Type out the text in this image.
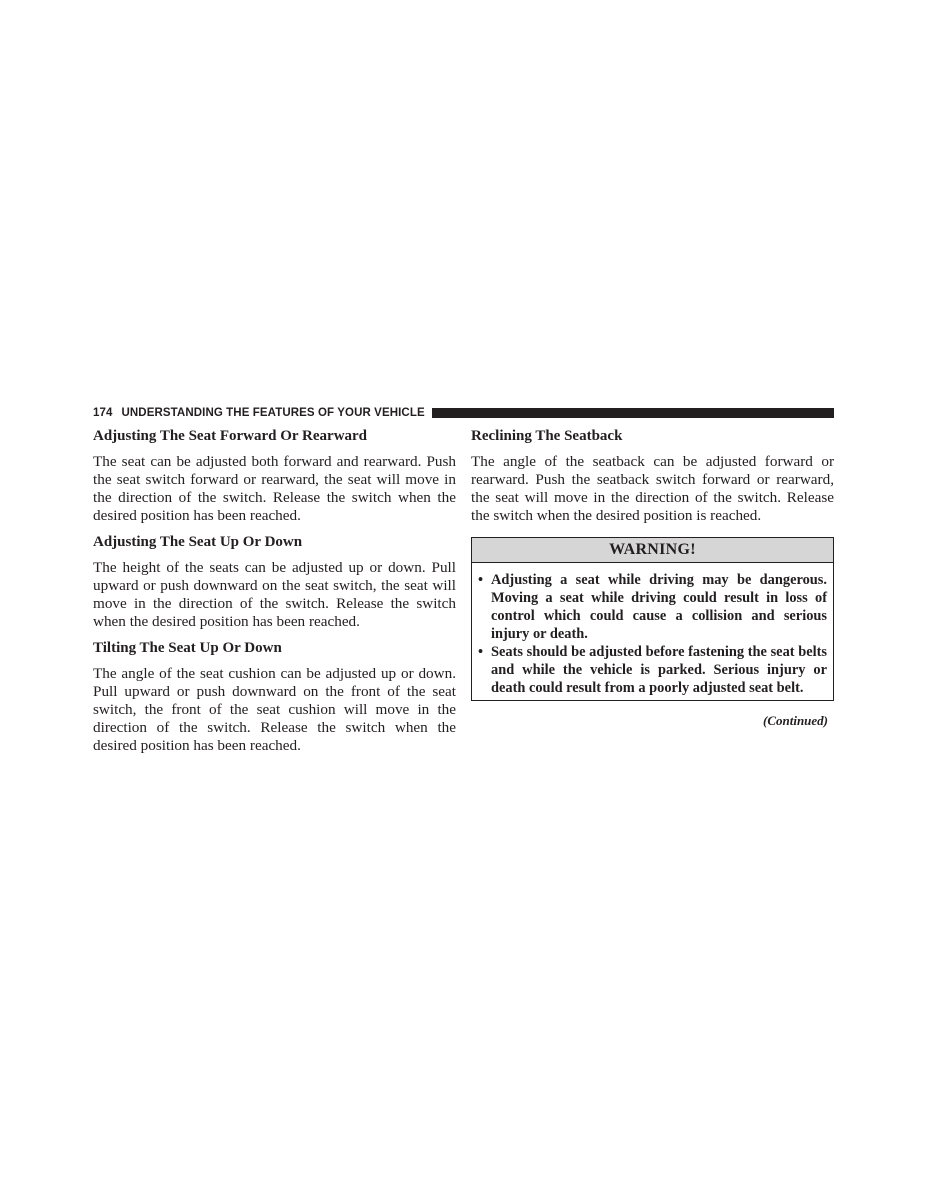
174 UNDERSTANDING THE FEATURES OF YOUR VEHICLE

Adjusting The Seat Forward Or Rearward

The seat can be adjusted both forward and rearward. Push the seat switch forward or rearward, the seat will move in the direction of the switch. Release the switch when the desired position has been reached.

Adjusting The Seat Up Or Down

The height of the seats can be adjusted up or down. Pull upward or push downward on the seat switch, the seat will move in the direction of the switch. Release the switch when the desired position has been reached.

Tilting The Seat Up Or Down

The angle of the seat cushion can be adjusted up or down. Pull upward or push downward on the front of the seat switch, the front of the seat cushion will move in the direction of the switch. Release the switch when the desired position has been reached.

Reclining The Seatback

The angle of the seatback can be adjusted forward or rearward. Push the seatback switch forward or rearward, the seat will move in the direction of the switch. Release the switch when the desired position is reached.

WARNING!
• Adjusting a seat while driving may be dangerous. Moving a seat while driving could result in loss of control which could cause a collision and serious injury or death.
• Seats should be adjusted before fastening the seat belts and while the vehicle is parked. Serious injury or death could result from a poorly adjusted seat belt.
(Continued)
